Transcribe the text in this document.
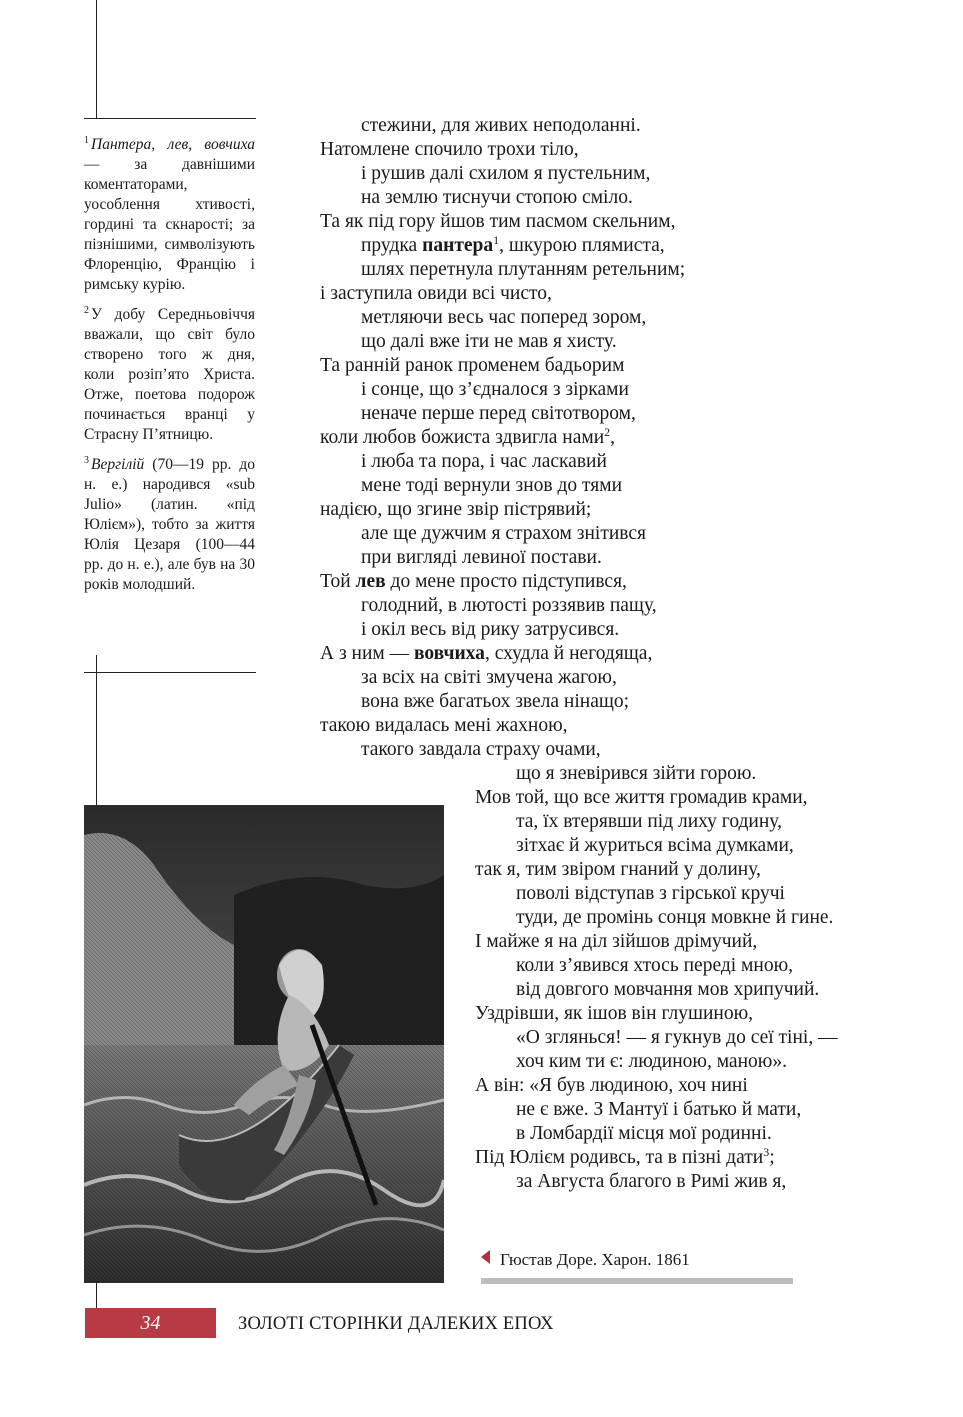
$^1$ Пантера, лев, вовчиха — за давнішими коментаторами, уособлення хтивості, гордині та скнарості; за пізнішими, символізують Флоренцію, Францію і римську курію.

$^2$ У добу Середньовіччя вважали, що світ було створено того ж дня, коли розіп’ято Христа. Отже, поетова подорож починається вранці у Страсну П’ятницю.

$^3$ Вергілій (70—19 рр. до н. е.) народився «sub Julio» (латин. «під Юлієм»), тобто за життя Юлія Цезаря (100—44 рр. до н. е.), але був на 30 років молодший.

стежини, для живих неподоланні.
Натомлене спочило трохи тіло,
і рушив далі схилом я пустельним,
на землю тиснучи стопою сміло.
Та як під гору йшов тим пасмом скельним,
прудка пантера$^1$, шкурою плямиста,
шлях перетнула плутанням ретельним;
і заступила овиди всі чисто,
метляючи весь час поперед зором,
що далі вже іти не мав я хисту.
Та ранній ранок променем бадьорим
і сонце, що з’єдналося з зірками
неначе перше перед світотвором,
коли любов божиста здвигла нами$^2$,
і люба та пора, і час ласкавий
мене тоді вернули знов до тями
надією, що згине звір пістрявий;
але ще дужчим я страхом знітився
при вигляді левиної постави.
Той лев до мене просто підступився,
голодний, в лютості роззявив пащу,
і окіл весь від рику затрусився.
А з ним — вовчиха, схудла й негодяща,
за всіх на світі змучена жагою,
вона вже багатьох звела нінащо;
такою видалась мені жахною,
такого завдала страху очами,
що я зневірився зійти горою.
Мов той, що все життя громадив крами,
та, їх втерявши під лиху годину,
зітхає й журиться всіма думками,
так я, тим звіром гнаний у долину,
поволі відступав з гірської кручі
туди, де промінь сонця мовкне й гине.
І майже я на діл зійшов дрімучий,
коли з’явився хтось переді мною,
від довгого мовчання мов хрипучий.
Уздрівши, як ішов він глушиною,
«О зглянься! — я гукнув до сеї тіні, —
хоч ким ти є: людиною, маною».
А він: «Я був людиною, хоч нині
не є вже. З Мантуї і батько й мати,
в Ломбардії місця мої родинні.
Під Юлієм родивсь, та в пізні дати$^3$;
за Августа благого в Римі жив я,
Гюстав Доре. Харон. 1861
34	ЗОЛОТІ СТОРІНКИ ДАЛЕКИХ ЕПОХ
